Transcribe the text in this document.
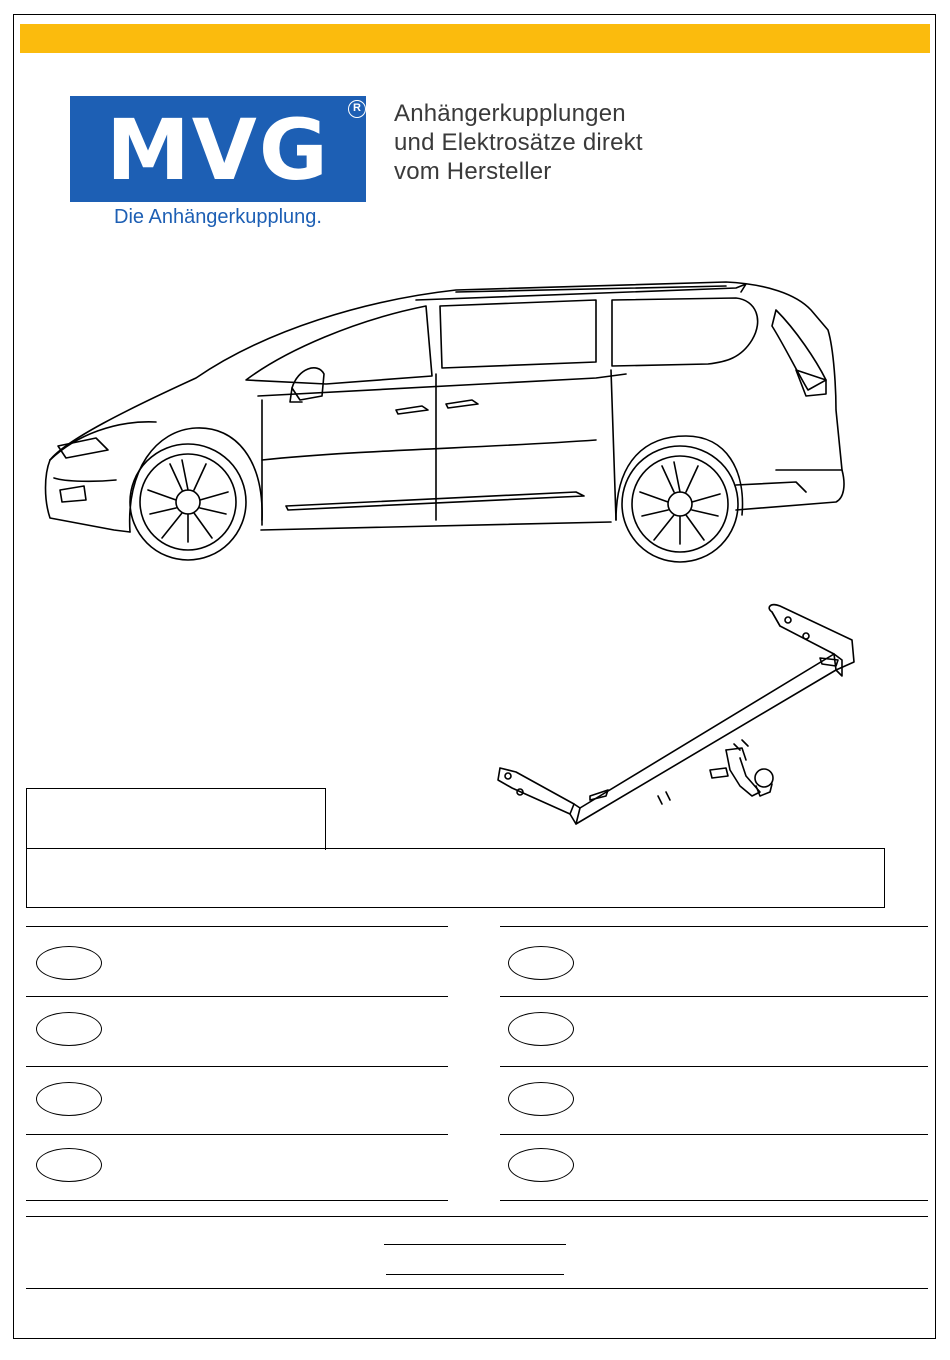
MVG	R
Die Anhängerkupplung.
Anhängerkupplungen
und Elektrosätze direkt
vom Hersteller
